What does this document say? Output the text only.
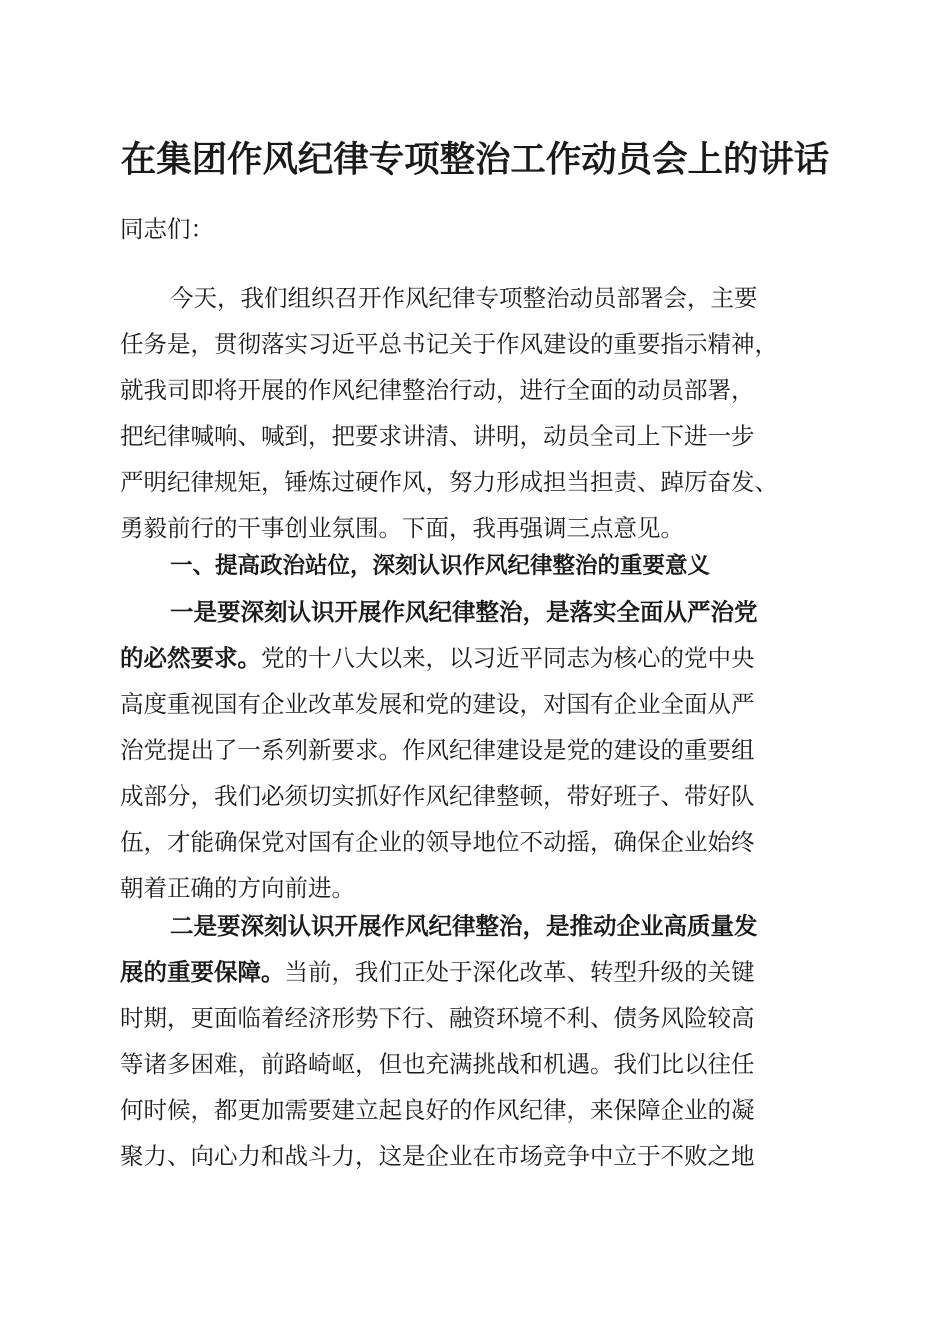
在集团作风纪律专项整治工作动员会上的讲话
同志们：
今天，我们组织召开作风纪律专项整治动员部署会，主要
任务是，贯彻落实习近平总书记关于作风建设的重要指示精神，
就我司即将开展的作风纪律整治行动，进行全面的动员部署，
把纪律喊响、喊到，把要求讲清、讲明，动员全司上下进一步
严明纪律规矩，锤炼过硬作风，努力形成担当担责、踔厉奋发、
勇毅前行的干事创业氛围。下面，我再强调三点意见。
一、提高政治站位，深刻认识作风纪律整治的重要意义
一是要深刻认识开展作风纪律整治，是落实全面从严治党
的必然要求。党的十八大以来，以习近平同志为核心的党中央
高度重视国有企业改革发展和党的建设，对国有企业全面从严
治党提出了一系列新要求。作风纪律建设是党的建设的重要组
成部分，我们必须切实抓好作风纪律整顿，带好班子、带好队
伍，才能确保党对国有企业的领导地位不动摇，确保企业始终
朝着正确的方向前进。
二是要深刻认识开展作风纪律整治，是推动企业高质量发
展的重要保障。当前，我们正处于深化改革、转型升级的关键
时期，更面临着经济形势下行、融资环境不利、债务风险较高
等诸多困难，前路崎岖，但也充满挑战和机遇。我们比以往任
何时候，都更加需要建立起良好的作风纪律，来保障企业的凝
聚力、向心力和战斗力，这是企业在市场竞争中立于不败之地
